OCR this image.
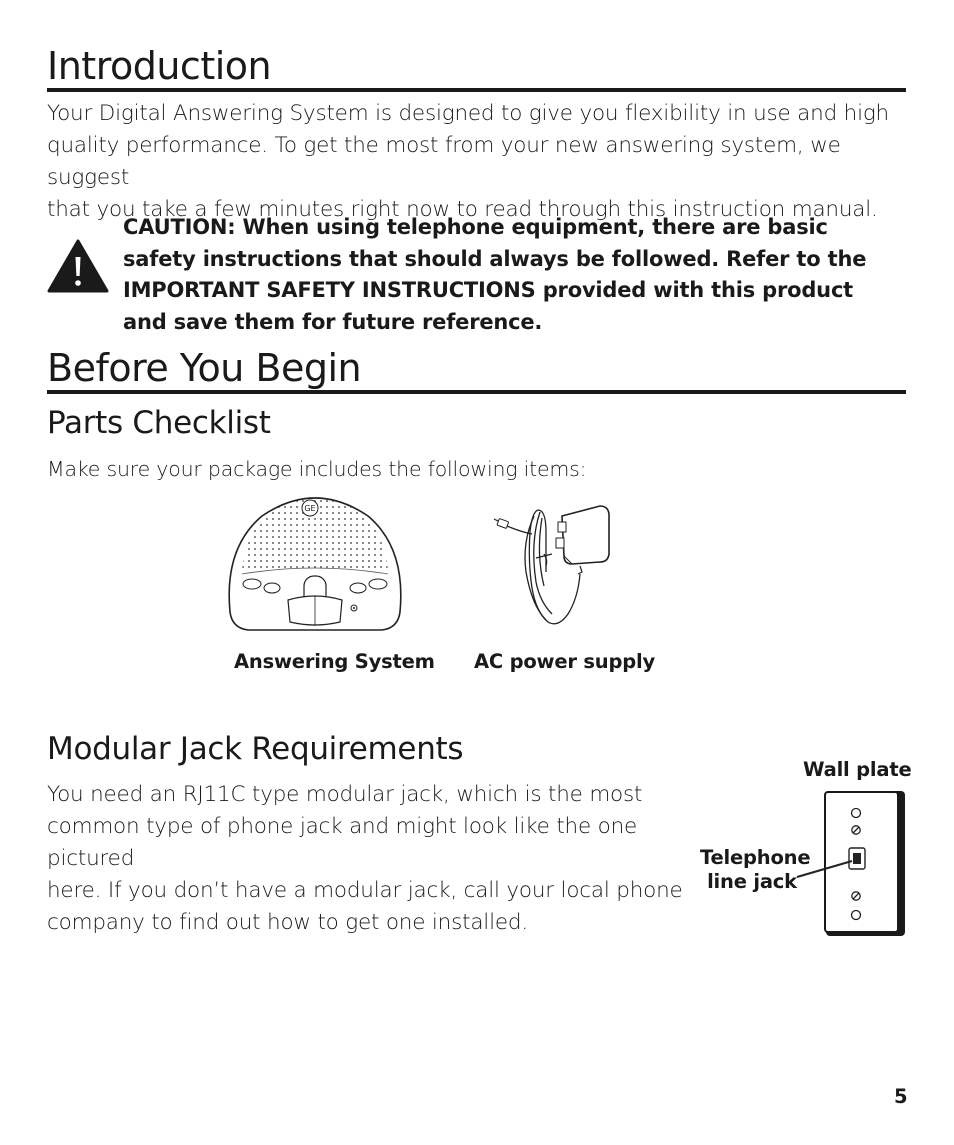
Introduction

Your Digital Answering System is designed to give you flexibility in use and high

quality performance. To get the most from your new answering system, we suggest

that you take a few minutes right now to read through this instruction manual.

CAUTION: When using telephone equipment, there are basic

safety instructions that should always be followed. Refer to the

IMPORTANT SAFETY INSTRUCTIONS provided with this product

and save them for future reference.

Before You Begin
Parts Checklist

Make sure your package includes the following items:

GE

Answering System AC power supply

Modular Jack Requirements

You need an RJ11C type modular jack, which is the most

common type of phone jack and might look like the one pictured

here. If you don’t have a modular jack, call your local phone

company to find out how to get one installed.

Wall plate

Telephone

line jack

5
